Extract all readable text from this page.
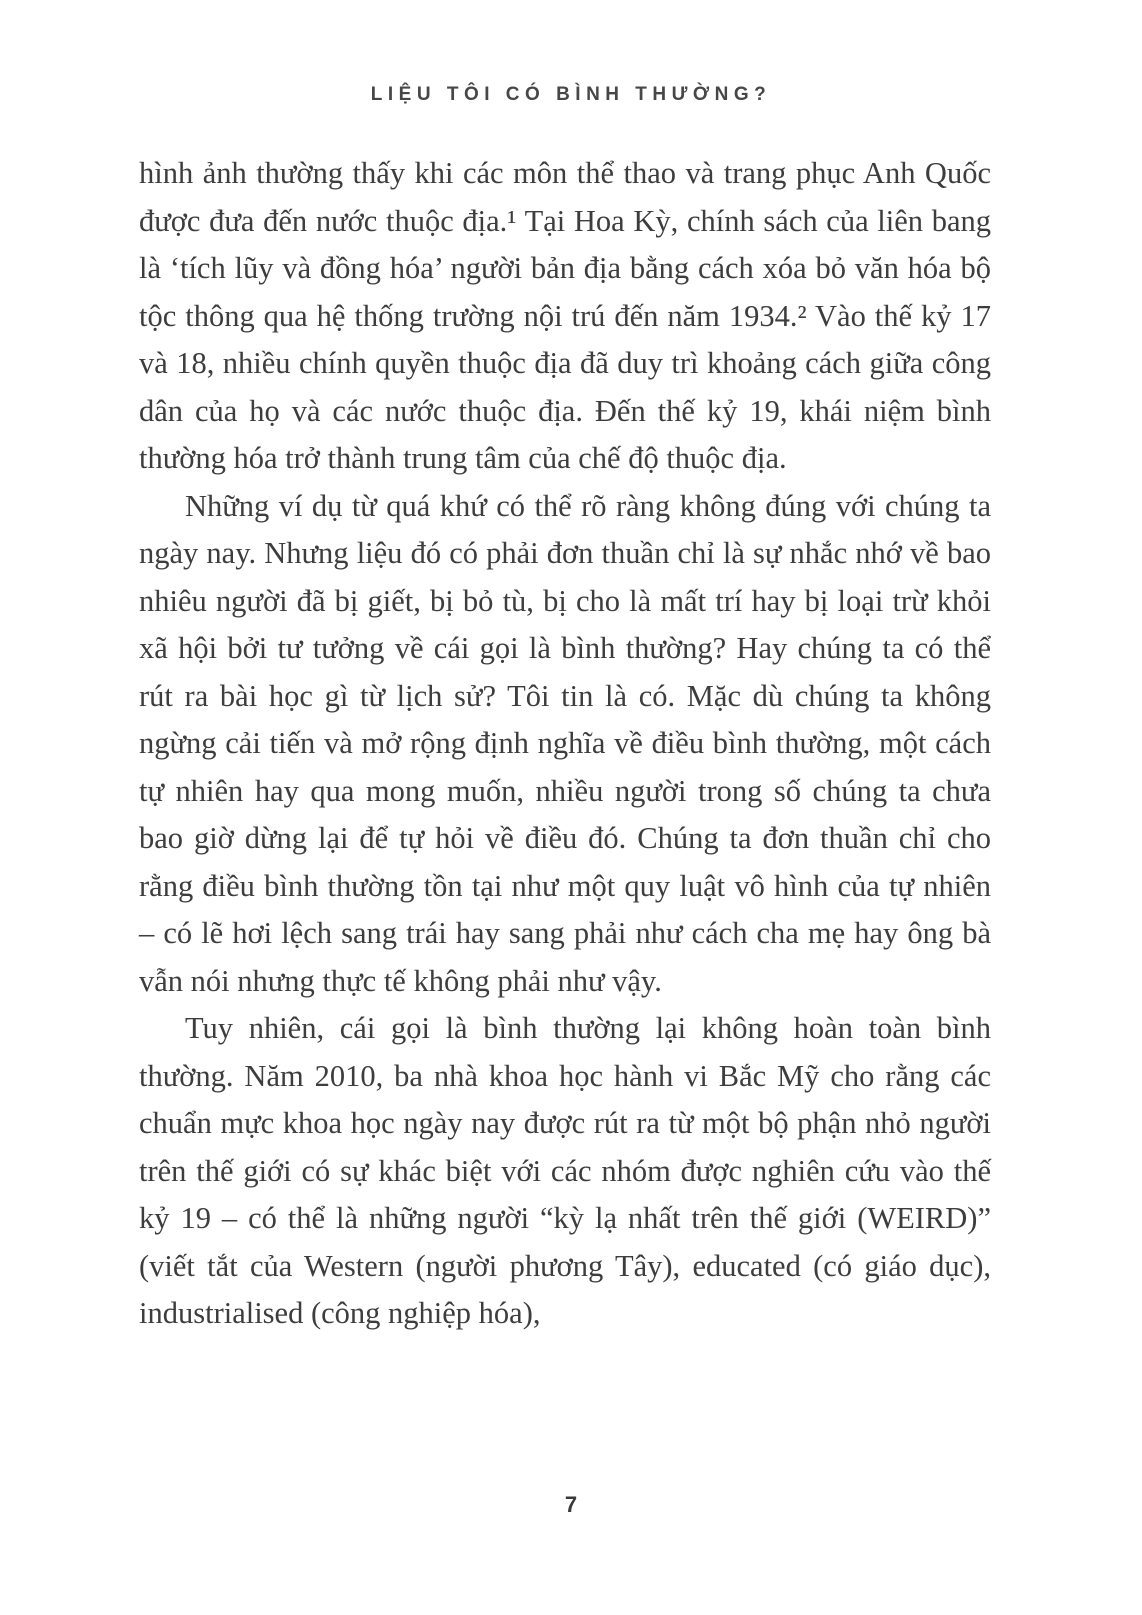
LIỆU TÔI CÓ BÌNH THƯỜNG?

hình ảnh thường thấy khi các môn thể thao và trang phục Anh Quốc được đưa đến nước thuộc địa.¹ Tại Hoa Kỳ, chính sách của liên bang là ‘tích lũy và đồng hóa’ người bản địa bằng cách xóa bỏ văn hóa bộ tộc thông qua hệ thống trường nội trú đến năm 1934.² Vào thế kỷ 17 và 18, nhiều chính quyền thuộc địa đã duy trì khoảng cách giữa công dân của họ và các nước thuộc địa. Đến thế kỷ 19, khái niệm bình thường hóa trở thành trung tâm của chế độ thuộc địa.

Những ví dụ từ quá khứ có thể rõ ràng không đúng với chúng ta ngày nay. Nhưng liệu đó có phải đơn thuần chỉ là sự nhắc nhớ về bao nhiêu người đã bị giết, bị bỏ tù, bị cho là mất trí hay bị loại trừ khỏi xã hội bởi tư tưởng về cái gọi là bình thường? Hay chúng ta có thể rút ra bài học gì từ lịch sử? Tôi tin là có. Mặc dù chúng ta không ngừng cải tiến và mở rộng định nghĩa về điều bình thường, một cách tự nhiên hay qua mong muốn, nhiều người trong số chúng ta chưa bao giờ dừng lại để tự hỏi về điều đó. Chúng ta đơn thuần chỉ cho rằng điều bình thường tồn tại như một quy luật vô hình của tự nhiên – có lẽ hơi lệch sang trái hay sang phải như cách cha mẹ hay ông bà vẫn nói nhưng thực tế không phải như vậy.

Tuy nhiên, cái gọi là bình thường lại không hoàn toàn bình thường. Năm 2010, ba nhà khoa học hành vi Bắc Mỹ cho rằng các chuẩn mực khoa học ngày nay được rút ra từ một bộ phận nhỏ người trên thế giới có sự khác biệt với các nhóm được nghiên cứu vào thế kỷ 19 – có thể là những người “kỳ lạ nhất trên thế giới (WEIRD)” (viết tắt của Western (người phương Tây), educated (có giáo dục), industrialised (công nghiệp hóa),

7
